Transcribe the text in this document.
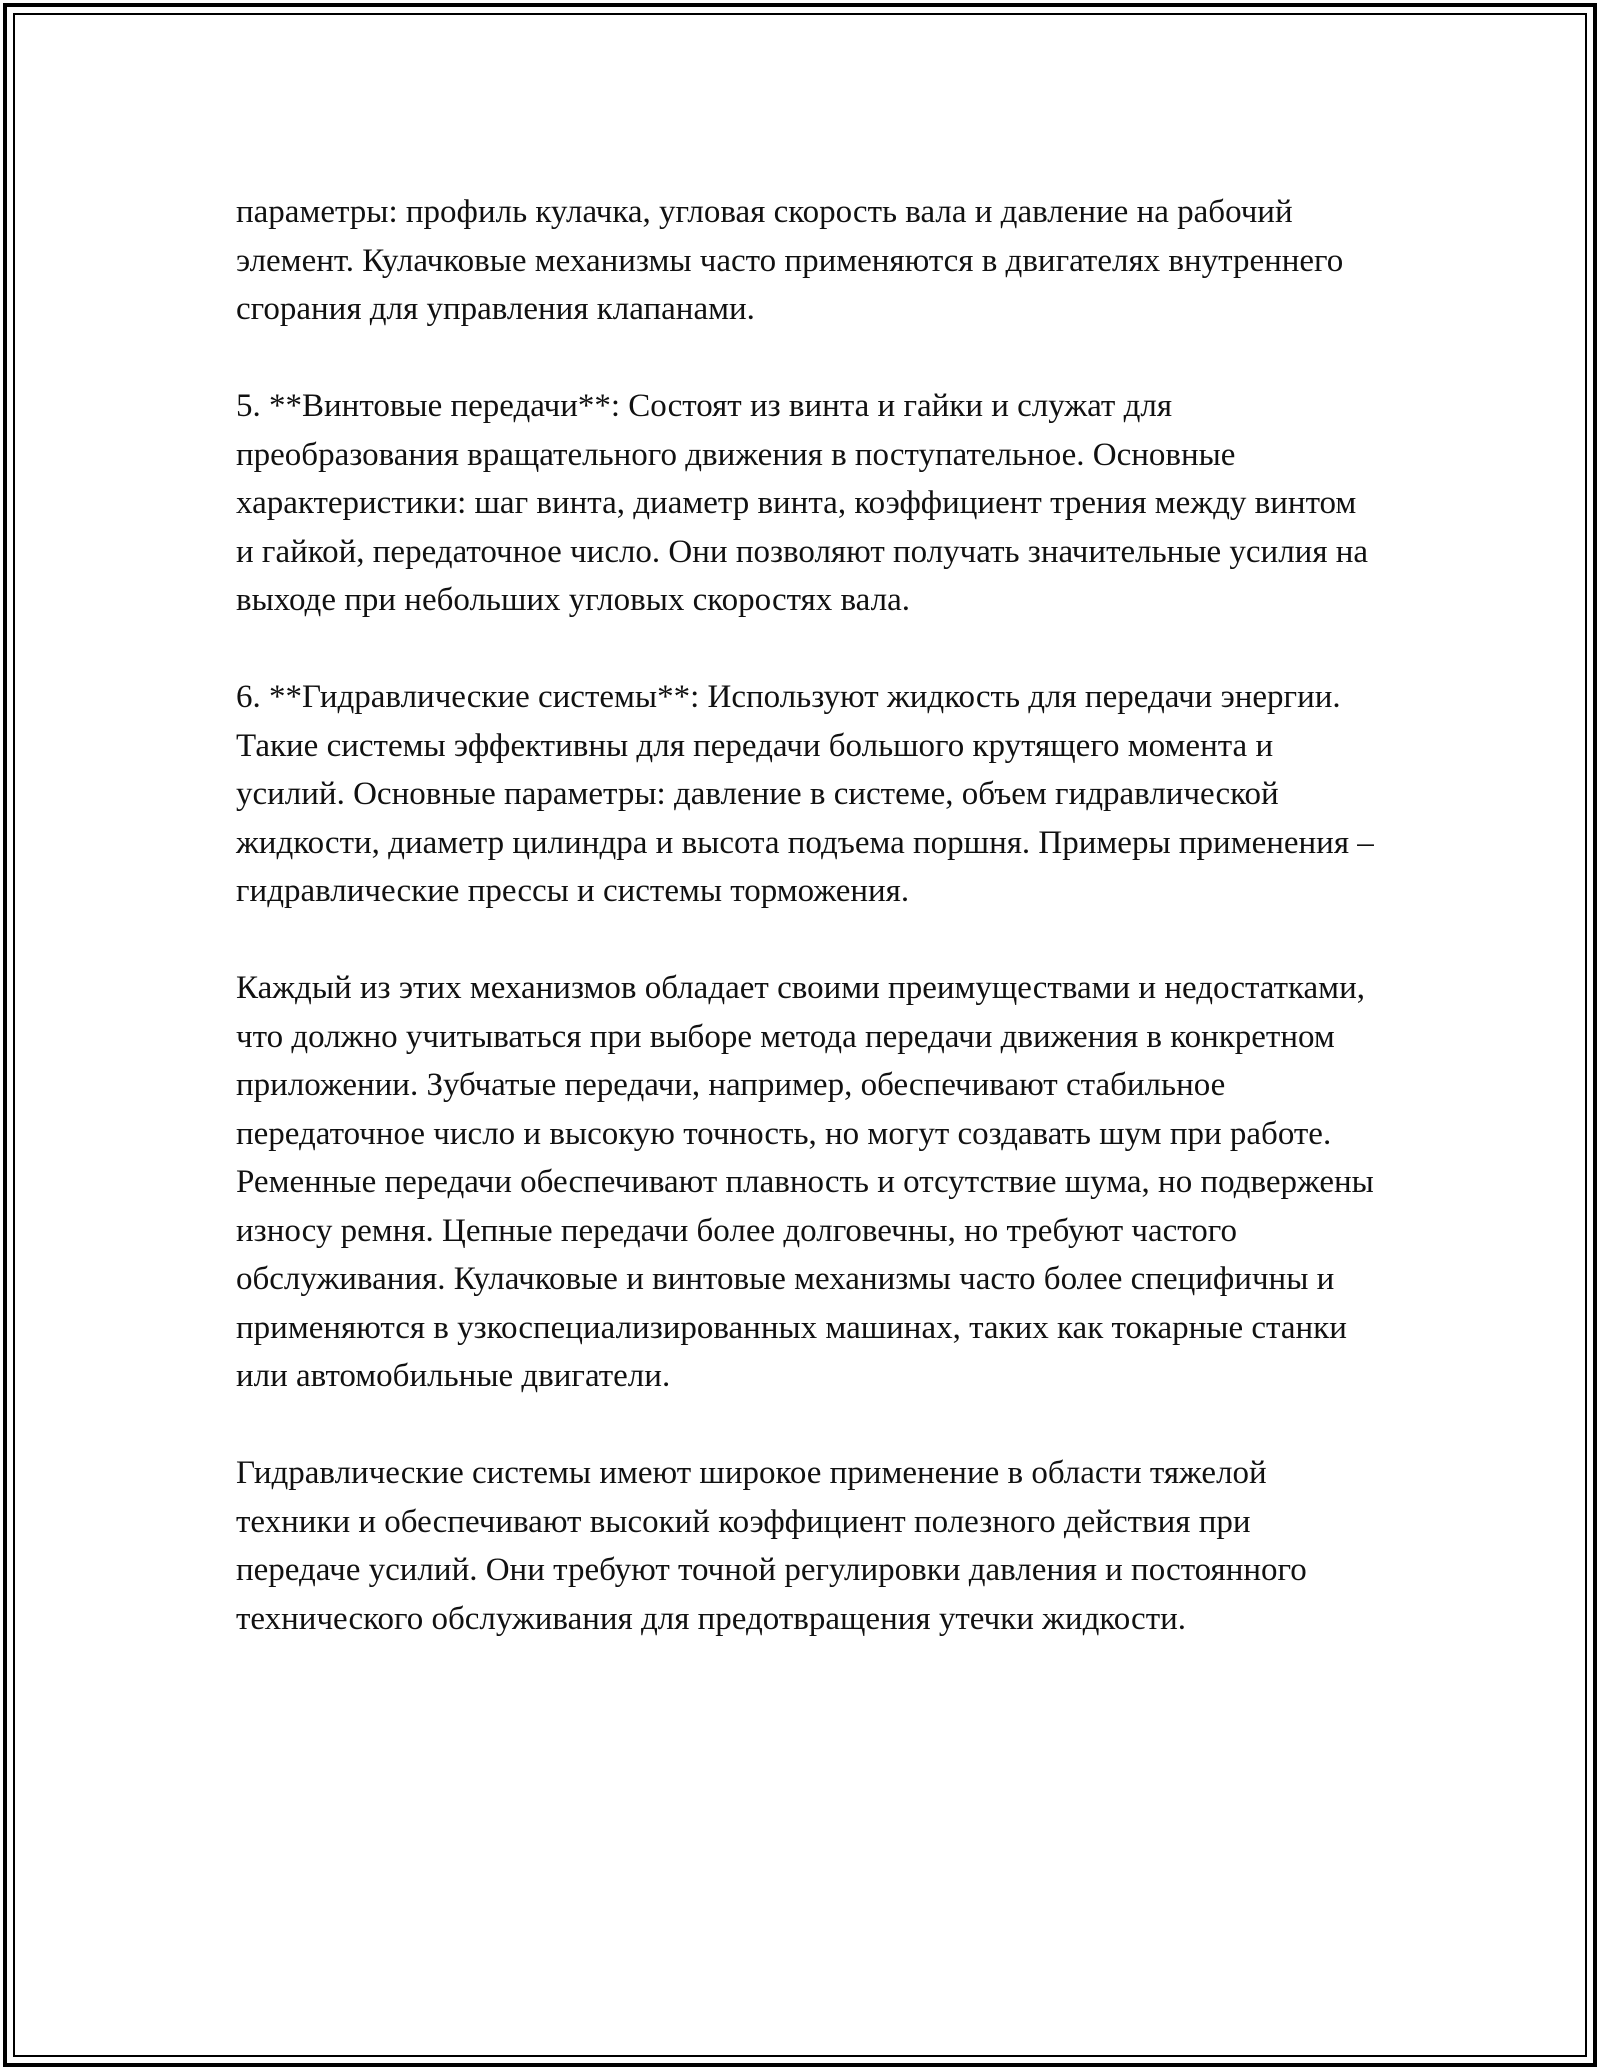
параметры: профиль кулачка, угловая скорость вала и давление на рабочий элемент. Кулачковые механизмы часто применяются в двигателях внутреннего сгорания для управления клапанами.

5. **Винтовые передачи**: Состоят из винта и гайки и служат для преобразования вращательного движения в поступательное. Основные характеристики: шаг винта, диаметр винта, коэффициент трения между винтом и гайкой, передаточное число. Они позволяют получать значительные усилия на выходе при небольших угловых скоростях вала.

6. **Гидравлические системы**: Используют жидкость для передачи энергии. Такие системы эффективны для передачи большого крутящего момента и усилий. Основные параметры: давление в системе, объем гидравлической жидкости, диаметр цилиндра и высота подъема поршня. Примеры применения – гидравлические прессы и системы торможения.

Каждый из этих механизмов обладает своими преимуществами и недостатками, что должно учитываться при выборе метода передачи движения в конкретном приложении. Зубчатые передачи, например, обеспечивают стабильное передаточное число и высокую точность, но могут создавать шум при работе. Ременные передачи обеспечивают плавность и отсутствие шума, но подвержены износу ремня. Цепные передачи более долговечны, но требуют частого обслуживания. Кулачковые и винтовые механизмы часто более специфичны и применяются в узкоспециализированных машинах, таких как токарные станки или автомобильные двигатели.

Гидравлические системы имеют широкое применение в области тяжелой техники и обеспечивают высокий коэффициент полезного действия при передаче усилий. Они требуют точной регулировки давления и постоянного технического обслуживания для предотвращения утечки жидкости.
